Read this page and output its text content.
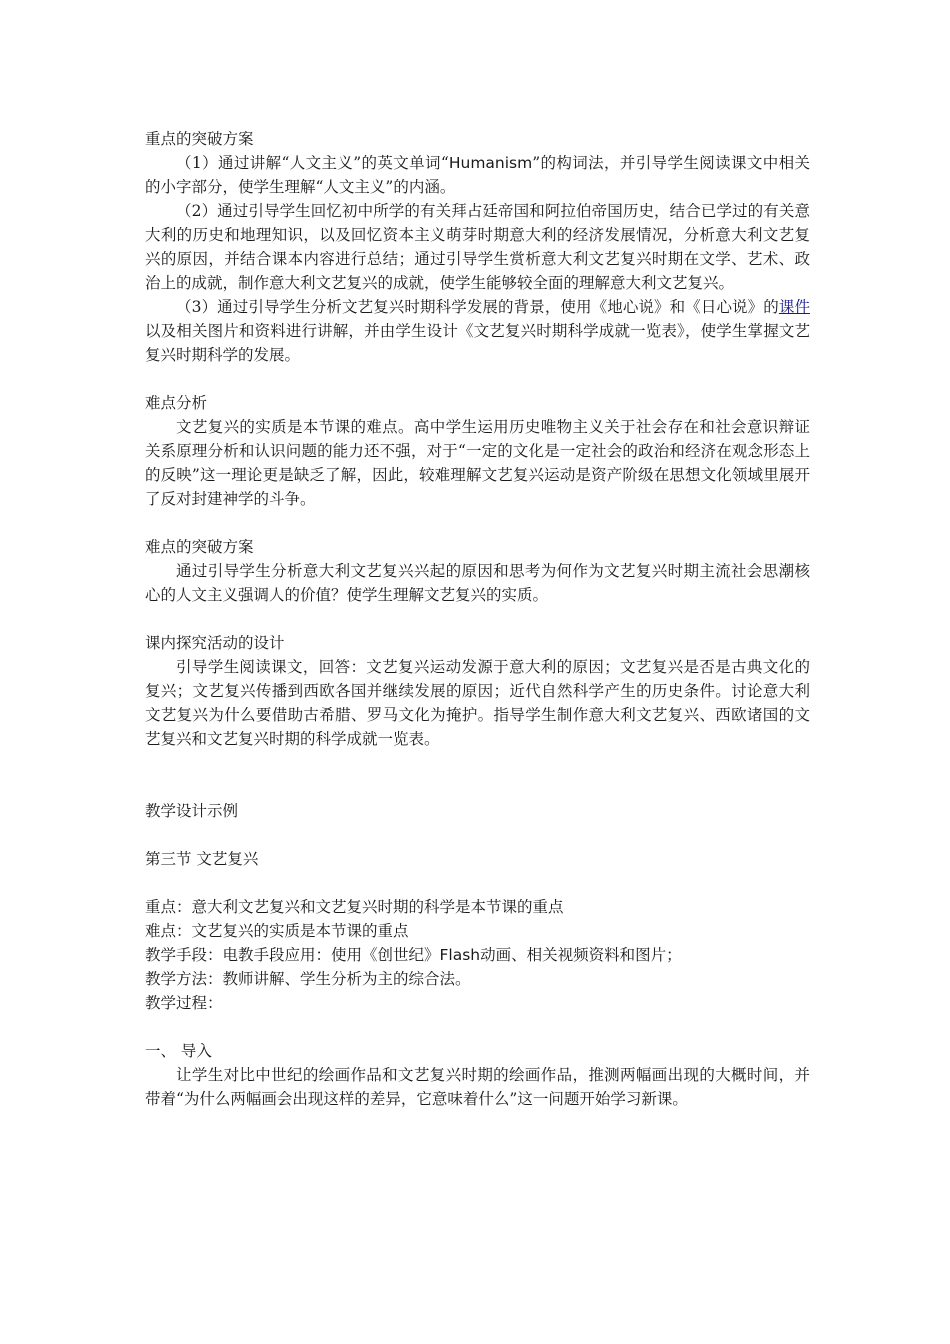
重点的突破方案

（1）通过讲解“人文主义”的英文单词“Humanism”的构词法，并引导学生阅读课文中相关的小字部分，使学生理解“人文主义”的内涵。

（2）通过引导学生回忆初中所学的有关拜占廷帝国和阿拉伯帝国历史，结合已学过的有关意大利的历史和地理知识，以及回忆资本主义萌芽时期意大利的经济发展情况，分析意大利文艺复兴的原因，并结合课本内容进行总结；通过引导学生赏析意大利文艺复兴时期在文学、艺术、政治上的成就，制作意大利文艺复兴的成就，使学生能够较全面的理解意大利文艺复兴。

（3）通过引导学生分析文艺复兴时期科学发展的背景，使用《地心说》和《日心说》的课件以及相关图片和资料进行讲解，并由学生设计《文艺复兴时期科学成就一览表》，使学生掌握文艺复兴时期科学的发展。

难点分析

文艺复兴的实质是本节课的难点。高中学生运用历史唯物主义关于社会存在和社会意识辩证关系原理分析和认识问题的能力还不强，对于“一定的文化是一定社会的政治和经济在观念形态上的反映”这一理论更是缺乏了解，因此，较难理解文艺复兴运动是资产阶级在思想文化领域里展开了反对封建神学的斗争。

难点的突破方案

通过引导学生分析意大利文艺复兴兴起的原因和思考为何作为文艺复兴时期主流社会思潮核心的人文主义强调人的价值？使学生理解文艺复兴的实质。

课内探究活动的设计

引导学生阅读课文，回答：文艺复兴运动发源于意大利的原因；文艺复兴是否是古典文化的复兴；文艺复兴传播到西欧各国并继续发展的原因；近代自然科学产生的历史条件。讨论意大利文艺复兴为什么要借助古希腊、罗马文化为掩护。指导学生制作意大利文艺复兴、西欧诸国的文艺复兴和文艺复兴时期的科学成就一览表。

教学设计示例

第三节 文艺复兴

重点：意大利文艺复兴和文艺复兴时期的科学是本节课的重点

难点：文艺复兴的实质是本节课的重点

教学手段：电教手段应用：使用《创世纪》Flash动画、相关视频资料和图片；

教学方法：教师讲解、学生分析为主的综合法。

教学过程：

一、 导入

让学生对比中世纪的绘画作品和文艺复兴时期的绘画作品，推测两幅画出现的大概时间，并带着“为什么两幅画会出现这样的差异，它意味着什么”这一问题开始学习新课。
